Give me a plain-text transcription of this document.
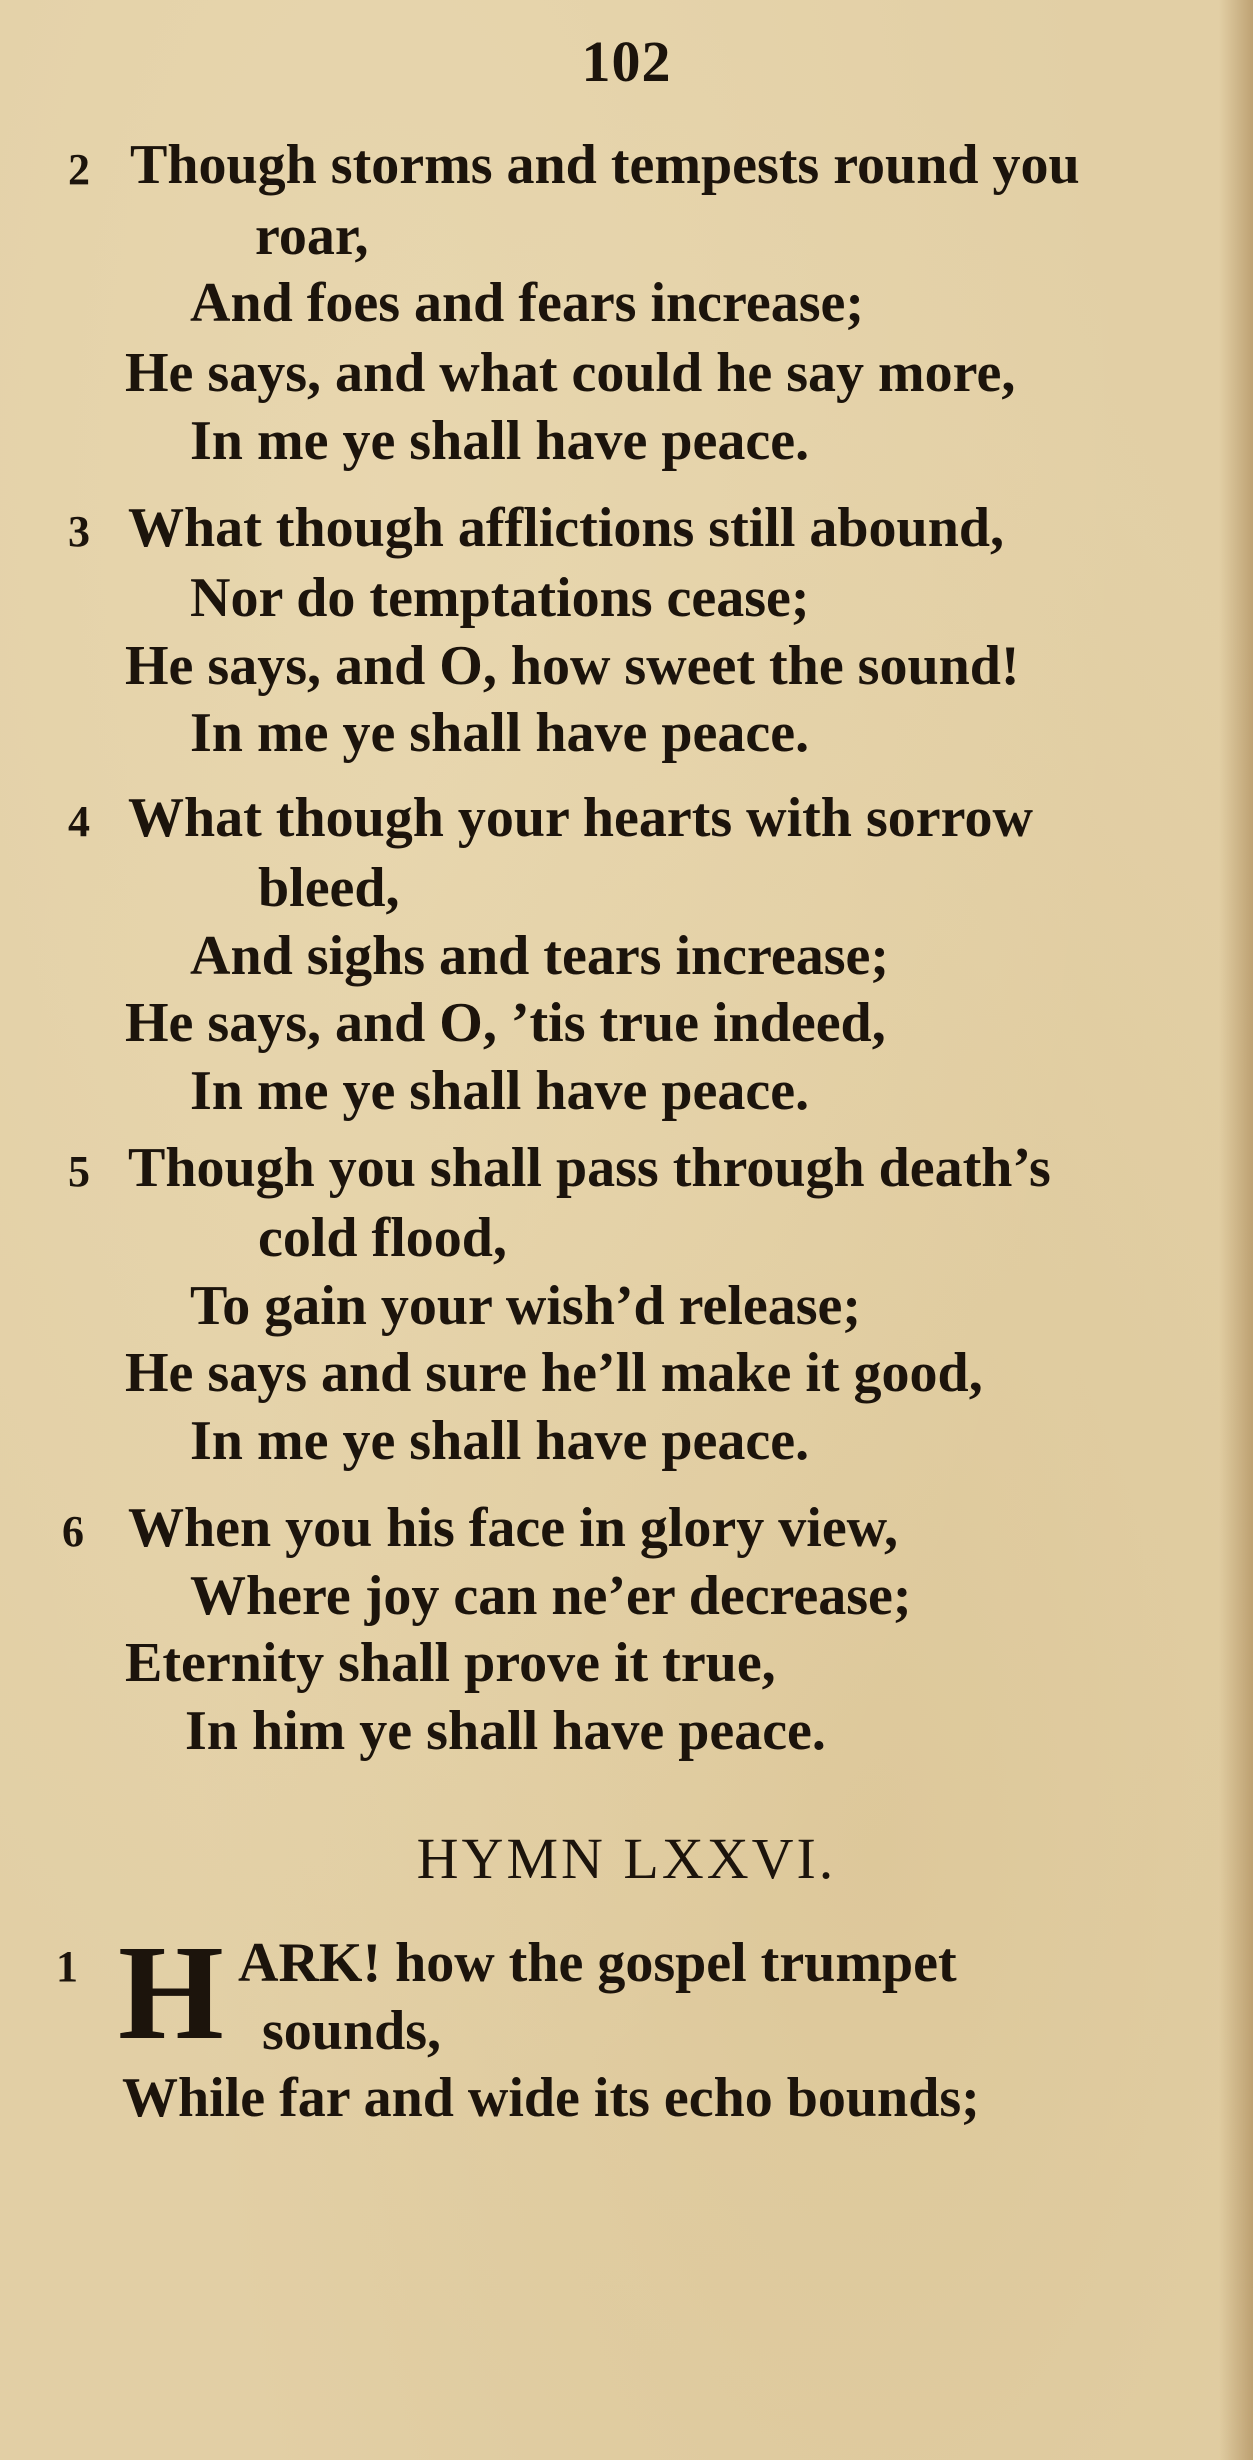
102
2 Though storms and tempests round you
roar,
And foes and fears increase;
He says, and what could he say more,
In me ye shall have peace.
3 What though afflictions still abound,
Nor do temptations cease;
He says, and O, how sweet the sound!
In me ye shall have peace.
4 What though your hearts with sorrow
bleed,
And sighs and tears increase;
He says, and O, ’tis true indeed,
In me ye shall have peace.
5 Though you shall pass through death’s
cold flood,
To gain your wish’d release;
He says and sure he’ll make it good,
In me ye shall have peace.
6 When you his face in glory view,
Where joy can ne’er decrease;
Eternity shall prove it true,
In him ye shall have peace.
HYMN LXXVI.
1 H ARK! how the gospel trumpet
sounds,
While far and wide its echo bounds;
